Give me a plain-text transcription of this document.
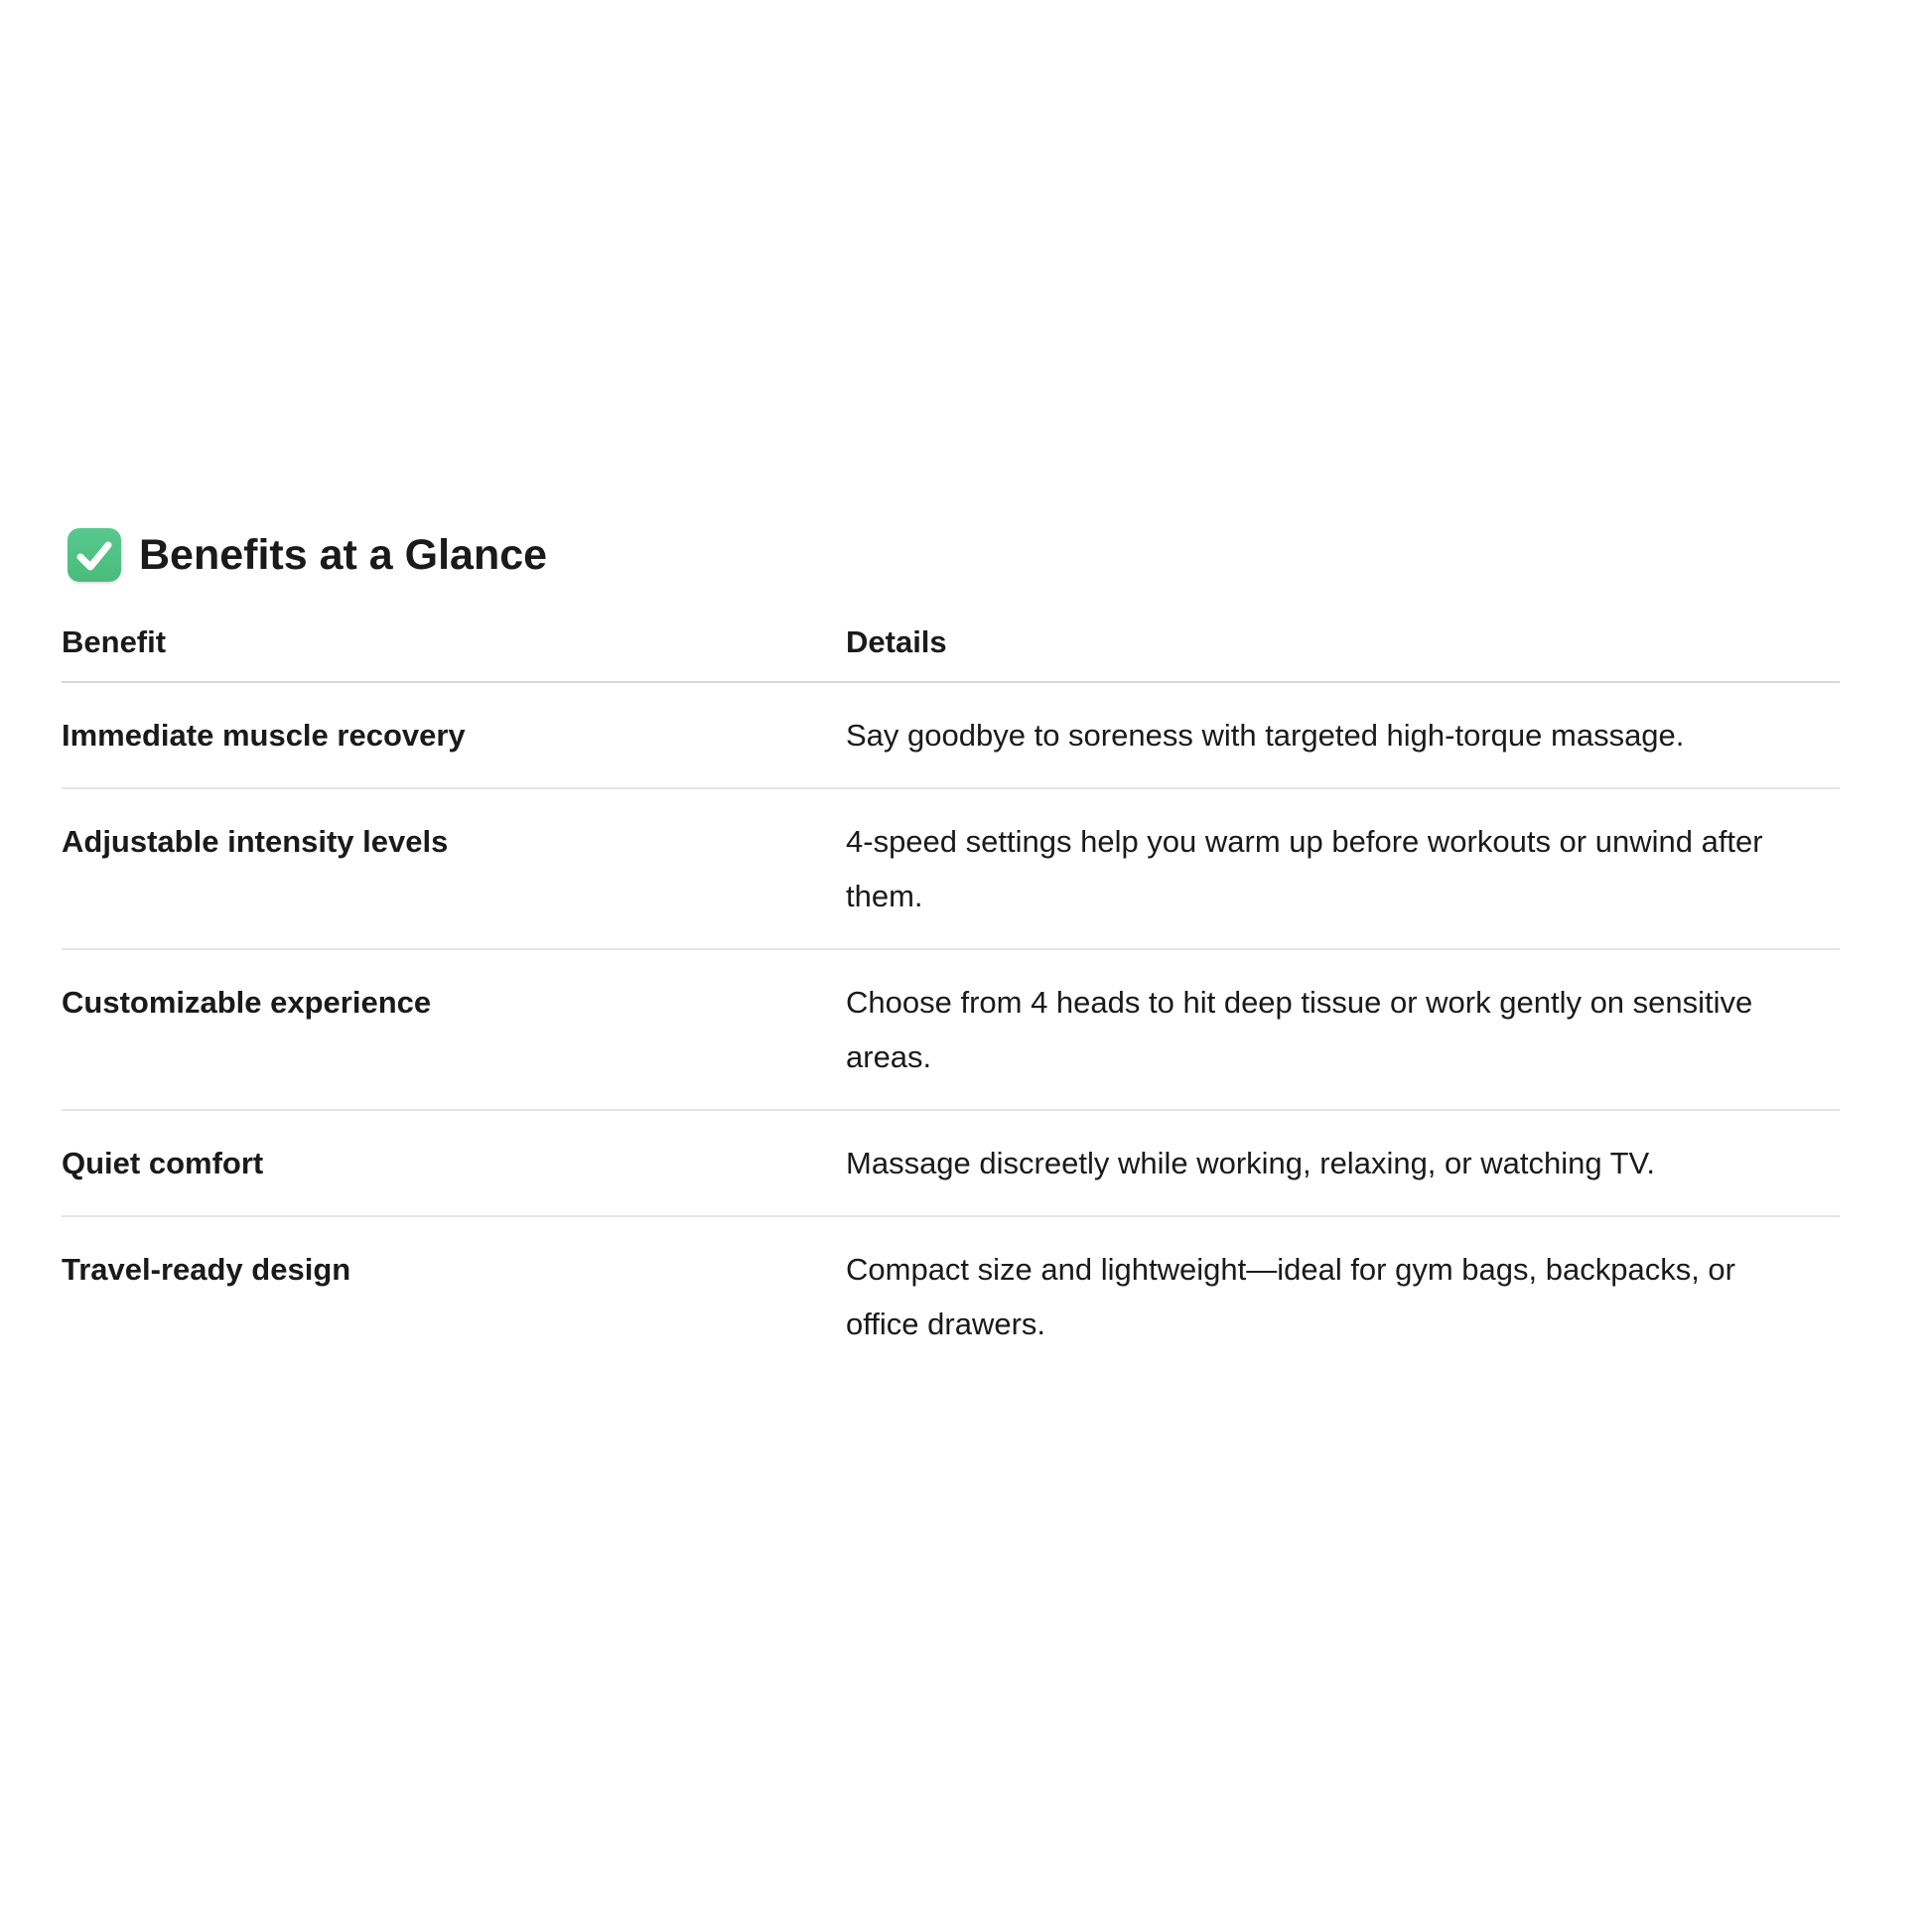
Benefits at a Glance
Benefit	Details
Immediate muscle recovery	Say goodbye to soreness with targeted high-torque massage.
Adjustable intensity levels	4-speed settings help you warm up before workouts or unwind after them.
Customizable experience	Choose from 4 heads to hit deep tissue or work gently on sensitive areas.
Quiet comfort	Massage discreetly while working, relaxing, or watching TV.
Travel-ready design	Compact size and lightweight—ideal for gym bags, backpacks, or office drawers.
